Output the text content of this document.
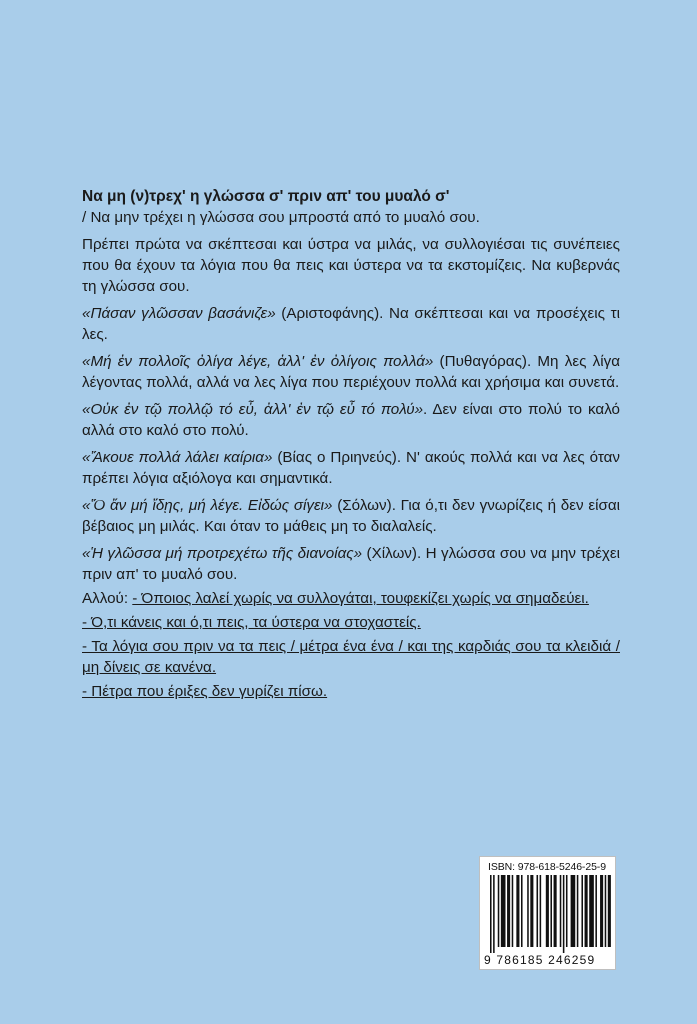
Να μη (ν)τρεχ' η γλώσσα σ' πριν απ' του μυαλό σ'
/ Να μην τρέχει η γλώσσα σου μπροστά από το μυαλό σου.
Πρέπει πρώτα να σκέπτεσαι και ύστρα να μιλάς, να συλλογιέσαι τις συνέπειες που θα έχουν τα λόγια που θα πεις και ύστερα να τα εκστομίζεις. Να κυβερνάς τη γλώσσα σου.
«Πάσαν γλῶσσαν βασάνιζε» (Αριστοφάνης). Να σκέπτεσαι και να προσέχεις τι λες.
«Μή ἐν πολλοῖς ὀλίγα λέγε, ἀλλ' ἐν ὀλίγοις πολλά» (Πυθαγόρας). Μη λες λίγα λέγοντας πολλά, αλλά να λες λίγα που περιέχουν πολλά και χρήσιμα και συνετά.
«Οὐκ ἐν τῷ πολλῷ τό εὖ, ἀλλ' ἐν τῷ εὖ τό πολύ». Δεν είναι στο πολύ το καλό αλλά στο καλό στο πολύ.
«Ἄκουε πολλά λάλει καίρια» (Βίας ο Πριηνεύς). Ν' ακούς πολλά και να λες όταν πρέπει λόγια αξιόλογα και σημαντικά.
«Ὅ ἄν μή ἴδῃς, μή λέγε. Εἰδώς σίγει» (Σόλων). Για ό,τι δεν γνωρίζεις ή δεν είσαι βέβαιος μη μιλάς. Και όταν το μάθεις μη το διαλαλείς.
«Ἡ γλῶσσα μή προτρεχέτω τῆς διανοίας» (Χίλων). Η γλώσσα σου να μην τρέχει πριν απ' το μυαλό σου.
Αλλού: - Όποιος λαλεί χωρίς να συλλογάται, τουφεκίζει χωρίς να σημαδεύει.
- Ό,τι κάνεις και ό,τι πεις, τα ύστερα να στοχαστείς.
- Τα λόγια σου πριν να τα πεις / μέτρα ένα ένα / και της καρδιάς σου τα κλειδιά / μη δίνεις σε κανένα.
- Πέτρα που έριξες δεν γυρίζει πίσω.
ISBN: 978-618-5246-25-9
9 786185 246259
